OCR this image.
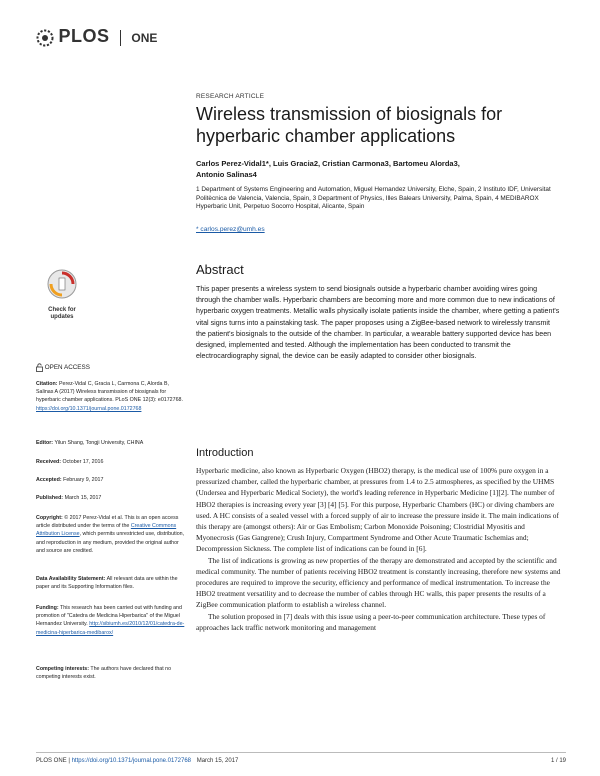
PLOS ONE
RESEARCH ARTICLE
Wireless transmission of biosignals for hyperbaric chamber applications
Carlos Perez-Vidal1*, Luis Gracia2, Cristian Carmona3, Bartomeu Alorda3,
Antonio Salinas4
1 Department of Systems Engineering and Automation, Miguel Hernandez University, Elche, Spain, 2 Instituto IDF, Universitat Politècnica de Valencia, Valencia, Spain, 3 Department of Physics, Illes Balears University, Palma, Spain, 4 MEDIBAROX Hyperbaric Unit, Perpetuo Socorro Hospital, Alicante, Spain
* carlos.perez@umh.es
Check for updates
OPEN ACCESS
Citation: Perez-Vidal C, Gracia L, Carmona C, Alorda B, Salinas A (2017) Wireless transmission of biosignals for hyperbaric chamber applications. PLoS ONE 12(3): e0172768. https://doi.org/10.1371/journal.pone.0172768
Editor: Yilun Shang, Tongji University, CHINA
Received: October 17, 2016
Accepted: February 9, 2017
Published: March 15, 2017
Copyright: © 2017 Perez-Vidal et al. This is an open access article distributed under the terms of the Creative Commons Attribution License, which permits unrestricted use, distribution, and reproduction in any medium, provided the original author and source are credited.
Data Availability Statement: All relevant data are within the paper and its Supporting Information files.
Funding: This research has been carried out with funding and promotion of "Catedra de Medicina Hiperbarica" of the Miguel Hernandez University. http://sibiumh.es/2010/12/01/catedra-de-medicina-hiperbarica-medibarox/
Competing interests: The authors have declared that no competing interests exist.
Abstract
This paper presents a wireless system to send biosignals outside a hyperbaric chamber avoiding wires going through the chamber walls. Hyperbaric chambers are becoming more and more common due to new indications of hyperbaric oxygen treatments. Metallic walls physically isolate patients inside the chamber, where getting a patient's vital signs turns into a painstaking task. The paper proposes using a ZigBee-based network to wirelessly transmit the patient's biosignals to the outside of the chamber. In particular, a wearable battery supported device has been designed, implemented and tested. Although the implementation has been conducted to transmit the electrocardiography signal, the device can be easily adapted to consider other biosignals.
Introduction

Hyperbaric medicine, also known as Hyperbaric Oxygen (HBO2) therapy, is the medical use of 100% pure oxygen in a pressurized chamber, called the hyperbaric chamber, at pressures from 1.4 to 2.5 atmospheres, as specified by the UHMS (Undersea and Hyperbaric Medical Society), the world's leading reference in Hyperbaric Medicine [1][2]. The number of HBO2 therapies is increasing every year [3] [4] [5]. For this purpose, Hyperbaric Chambers (HC) or diving chambers are used. A HC consists of a sealed vessel with a forced supply of air to increase the pressure inside it. The main indications of this therapy are (amongst others): Air or Gas Embolism; Carbon Monoxide Poisoning; Clostridial Myositis and Myonecrosis (Gas Gangrene); Crush Injury, Compartment Syndrome and Other Acute Traumatic Ischemias and; Decompression Sickness. The complete list of indications can be found in [6].

The list of indications is growing as new properties of the therapy are demonstrated and accepted by the scientific and medical community. The number of patients receiving HBO2 treatment is constantly increasing, therefore new systems and procedures are required to improve the security, efficiency and performance of medical instrumentation. To increase the HBO2 treatment versatility and to decrease the number of cables through HC walls, this paper presents the results of a ZigBee communication platform to establish a wireless channel.

The solution proposed in [7] deals with this issue using a peer-to-peer communication architecture. These types of approaches lack traffic network monitoring and management

PLOS ONE | https://doi.org/10.1371/journal.pone.0172768 March 15, 2017	1 / 19
